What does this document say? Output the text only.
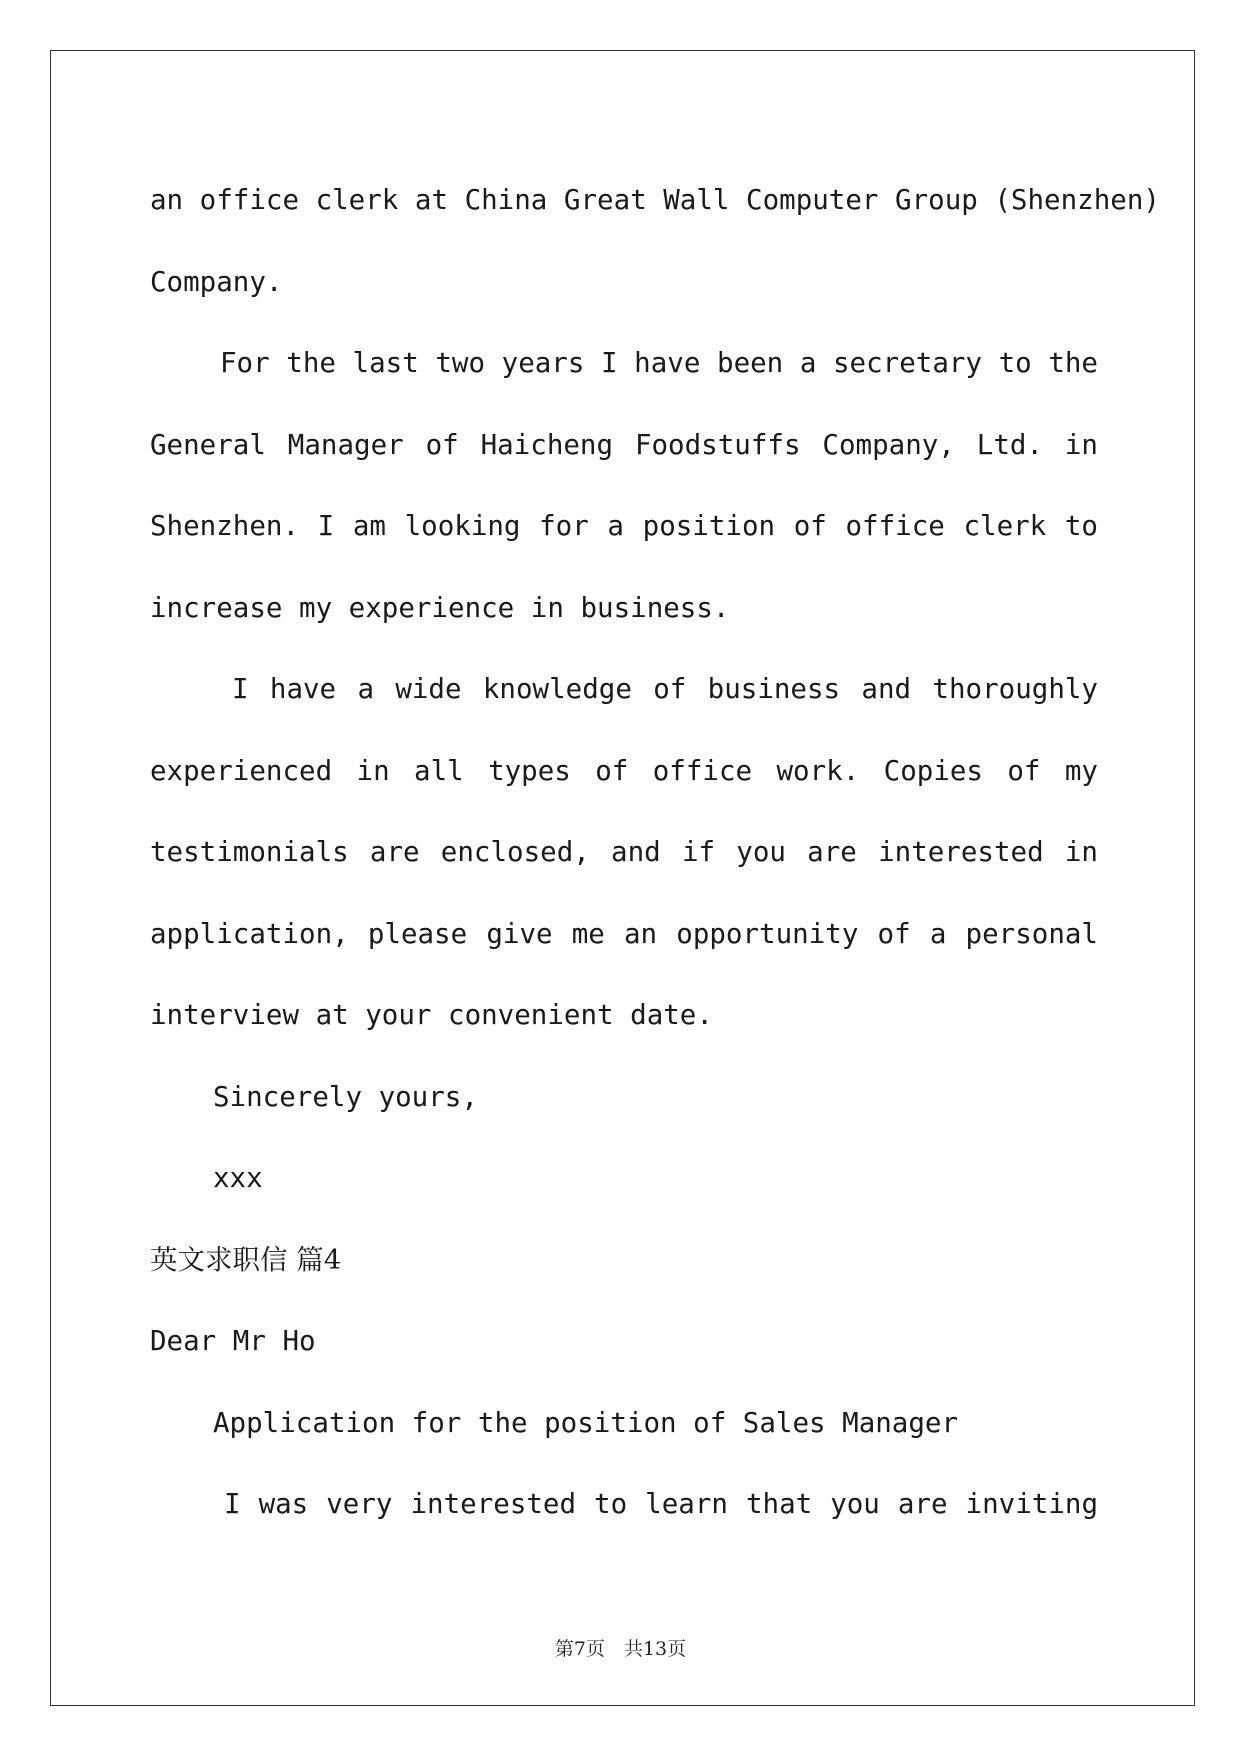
an office clerk at China Great Wall Computer Group (Shenzhen)
Company.
For the last two years I have been a secretary to the
General Manager of Haicheng Foodstuffs Company, Ltd. in
Shenzhen. I am looking for a position of office clerk to
increase my experience in business.
I have a wide knowledge of business and thoroughly
experienced in all types of office work. Copies of my
testimonials are enclosed, and if you are interested in
application, please give me an opportunity of a personal
interview at your convenient date.
Sincerely yours,
xxx
英文求职信 篇4
Dear Mr Ho
Application for the position of Sales Manager
I was very interested to learn that you are inviting
第7页　共13页
